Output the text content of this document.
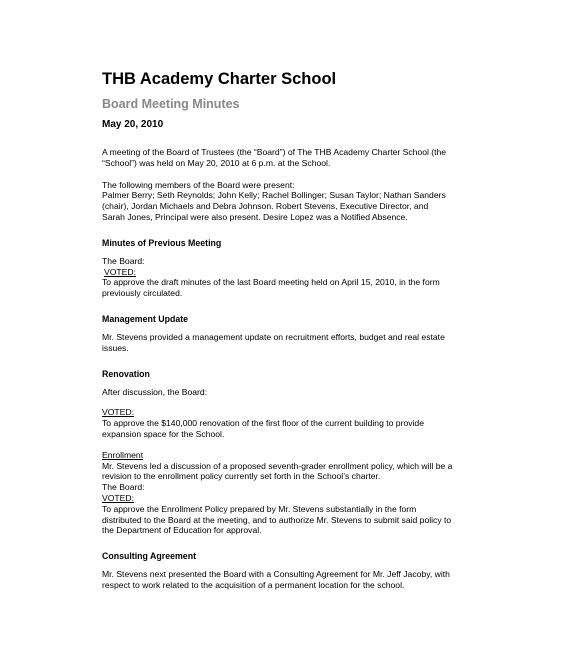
THB Academy Charter School
Board Meeting Minutes

May 20, 2010

A meeting of the Board of Trustees (the “Board”) of The THB Academy Charter School (the
“School”) was held on May 20, 2010 at 6 p.m. at the School.

The following members of the Board were present:
Palmer Berry; Seth Reynolds; John Kelly; Rachel Bollinger; Susan Taylor; Nathan Sanders
(chair), Jordan Michaels and Debra Johnson. Robert Stevens, Executive Director, and
Sarah Jones, Principal were also present. Desire Lopez was a Notified Absence.

Minutes of Previous Meeting

The Board:

VOTED:

To approve the draft minutes of the last Board meeting held on April 15, 2010, in the form
previously circulated.

Management Update

Mr. Stevens provided a management update on recruitment efforts, budget and real estate
issues.

Renovation

After discussion, the Board:

VOTED:

To approve the $140,000 renovation of the first floor of the current building to provide
expansion space for the School.

Enrollment

Mr. Stevens led a discussion of a proposed seventh-grader enrollment policy, which will be a
revision to the enrollment policy currently set forth in the School’s charter.

The Board:

VOTED:

To approve the Enrollment Policy prepared by Mr. Stevens substantially in the form
distributed to the Board at the meeting, and to authorize Mr. Stevens to submit said policy to
the Department of Education for approval.

Consulting Agreement

Mr. Stevens next presented the Board with a Consulting Agreement for Mr. Jeff Jacoby, with
respect to work related to the acquisition of a permanent location for the school.
